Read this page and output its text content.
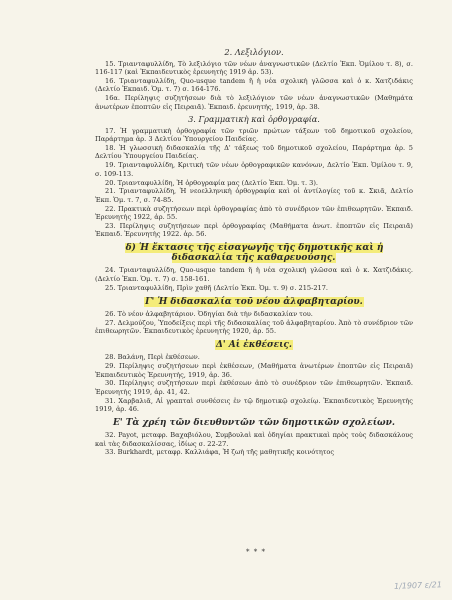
2. Λεξιλόγιον.

15. Τριανταφυλλίδη, Τὸ λεξιλόγιο τῶν νέων ἀναγνωστικῶν (Δελτίο Ἐκπ. Ὁμίλου τ. 8), σ. 116-117 (καὶ Ἐκπαιδευτικὸς ἐρευνητὴς 1919 ἀρ. 53).

16. Τριανταφυλλίδη, Quo-usque tandem ἢ ἡ νέα σχολικὴ γλῶσσα καὶ ὁ κ. Χατζιδάκις (Δελτίο Ἐκπαιδ. Ὁμ. τ. 7) σ. 164-176.

16α. Περίληψις συζητήσεων διὰ τὸ λεξιλόγιον τῶν νέων ἀναγνωστικῶν (Μαθημάτα ἀνωτέρων ἐποπτῶν εἰς Πειραιᾶ). Ἐκπαιδ. ἐρευνητής, 1919, ἀρ. 38.

3. Γραμματικὴ καὶ ὀρθογραφία.

17. Ἡ γραμματικὴ ὀρθογραφία τῶν τριῶν πρώτων τάξεων τοῦ δημοτικοῦ σχολείου, Παράρτημα ἀρ. 3 Δελτίου Ὑπουργείου Παιδείας.

18. Ἡ γλωσσικὴ διδασκαλία τῆς Δ' τάξεως τοῦ δημοτικοῦ σχολείου, Παράρτημα ἀρ. 5 Δελτίου Ὑπουργείου Παιδείας.

19. Τριανταφυλλίδη, Κριτικὴ τῶν νέων ὀρθογραφικῶν κανόνων, Δελτίο Ἐκπ. Ὁμίλου τ. 9, σ. 109-113.

20. Τριανταφυλλίδη, Ἡ ὀρθογραφία μας (Δελτίο Ἐκπ. Ὁμ. τ. 3).

21. Τριανταφυλλίδη, Ἡ νεοελληνικὴ ὀρθογραφία καὶ οἱ ἀντίλογίες τοῦ κ. Σκιᾶ, Δελτίο Ἐκπ. Ὁμ. τ. 7, σ. 74-85.

22. Πρακτικὰ συζητήσεων περὶ ὀρθογραφίας ἀπὸ τὸ συνέδριον τῶν ἐπιθεωρητῶν. Ἐκπαιδ. Ἐρευνητὴς 1922, ἀρ. 55.

23. Περίληψις συζητήσεων περὶ ὀρθογραφίας (Μαθήματα ἀνωτ. ἐποπτῶν εἰς Πειραιᾶ) Ἐκπαιδ. Ἐρευνητὴς 1922. ἀρ. 56.

δ) Ἡ ἔκτασις τῆς εἰσαγωγῆς τῆς δημοτικῆς καὶ ἡ διδασκαλία τῆς καθαρευούσης.

24. Τριανταφυλλίδη, Quo-usque tandem ἢ ἡ νέα σχολικὴ γλῶσσα καὶ ὁ κ. Χατζιδάκις. (Δελτίο Ἐκπ. Ὁμ. τ. 7) σ. 158-161.

25. Τριανταφυλλίδη, Πρὶν χαθῆ (Δελτίο Ἐκπ. Ὁμ. τ. 9) σ. 215-217.

Γ' Ἡ διδασκαλία τοῦ νέου ἀλφαβηταρίου.

26. Τὸ νέον ἀλφαβητάριον. Ὁδηγίαι διὰ τὴν διδασκαλίαν του.

27. Δελμούζου, Ὑποδείξεις περὶ τῆς διδασκαλίας τοῦ ἀλφαβηταρίου. Ἀπὸ τὸ συνέδριον τῶν ἐπιθεωρητῶν. Ἐκπαιδευτικὸς ἐρευνητὴς 1920, ἀρ. 55.

Δ' Αἱ ἐκθέσεις.

28. Βαλάνη, Περὶ ἐκθέσεων.

29. Περίληψις συζητήσεων περὶ ἐκθέσεων, (Μαθήματα ἀνωτέρων ἐποπτῶν εἰς Πειραιᾶ) Ἐκπαιδευτικὸς Ἐρευνητής, 1919, ἀρ. 36.

30. Περίληψις συζητήσεων περὶ ἐκθέσεων ἀπὸ τὸ συνέδριον τῶν ἐπιθεωρητῶν. Ἐκπαιδ. Ἐρευνητὴς 1919, ἀρ. 41, 42.

31. Χαρβαλιᾶ, Αἱ γραπταὶ συνθέσεις ἐν τῷ δημοτικῷ σχολείῳ. Ἐκπαιδευτικὸς Ἐρευνητὴς 1919, ἀρ. 46.

Ε' Τὰ χρέη τῶν διευθυντῶν τῶν δημοτικῶν σχολείων.

32. Payot, μεταφρ. Βαχαβιόλου, Συμβουλαὶ καὶ ὁδηγίαι πρακτικαὶ πρὸς τοὺς διδασκάλους καὶ τὰς διδασκαλίσσας, ἰδίως σ. 22-27.

33. Burkhardt, μεταφρ. Καλλιάφα, Ἡ ζωὴ τῆς μαθητικῆς κοινότητος

* * *
1/1907 ε/21
